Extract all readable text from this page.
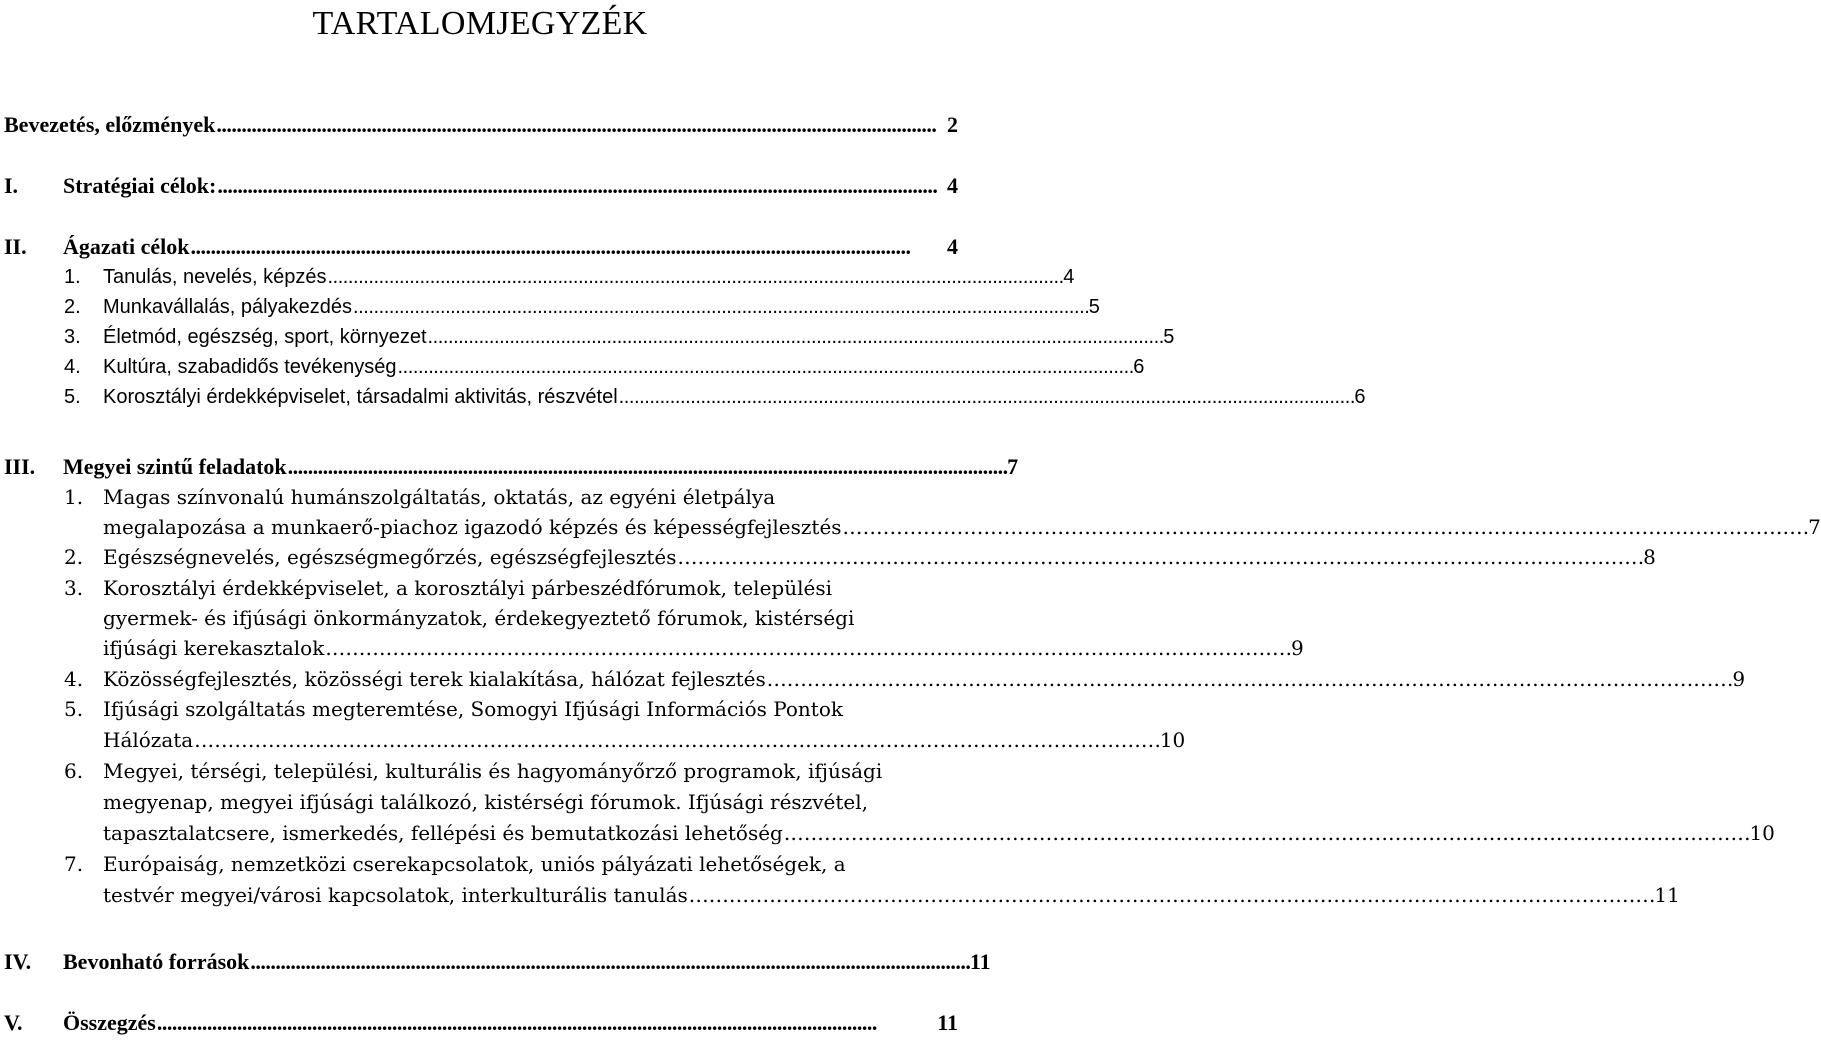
TARTALOMJEGYZÉK
Bevezetés, előzmények . . .	2
I.	Stratégiai célok: . . .	4
II.	Ágazati célok . . .	4
1.	Tanulás, nevelés, képzés . . .	4
2.	Munkavállalás, pályakezdés . . .	5
3.	Életmód, egészség, sport, környezet . . .	5
4.	Kultúra, szabadidős tevékenység . . .	6
5.	Korosztályi érdekképviselet, társadalmi aktivitás, részvétel . . .	6
III.	Megyei szintű feladatok . . .	7
1. Magas színvonalú humánszolgáltatás, oktatás, az egyéni életpálya
megalapozása a munkaerő-piachoz igazodó képzés és képességfejlesztés . . .	7
2. Egészségnevelés, egészségmegőrzés, egészségfejlesztés . . .	8
3. Korosztályi érdekképviselet, a korosztályi párbeszédfórumok, települési
gyermek- és ifjúsági önkormányzatok, érdekegyeztető fórumok, kistérségi
ifjúsági kerekasztalok . . .	9
4. Közösségfejlesztés, közösségi terek kialakítása, hálózat fejlesztés . . .	9
5. Ifjúsági szolgáltatás megteremtése, Somogyi Ifjúsági Információs Pontok
Hálózata . . .	10
6. Megyei, térségi, települési, kulturális és hagyományőrző programok, ifjúsági
megyenap, megyei ifjúsági találkozó, kistérségi fórumok. Ifjúsági részvétel,
tapasztalatcsere, ismerkedés, fellépési és bemutatkozási lehetőség . . .	10
7. Európaiság, nemzetközi cserekapcsolatok, uniós pályázati lehetőségek, a
testvér megyei/városi kapcsolatok, interkulturális tanulás . . .	11
IV.	Bevonható források . . .	11
V.	Összegzés . . .	11
